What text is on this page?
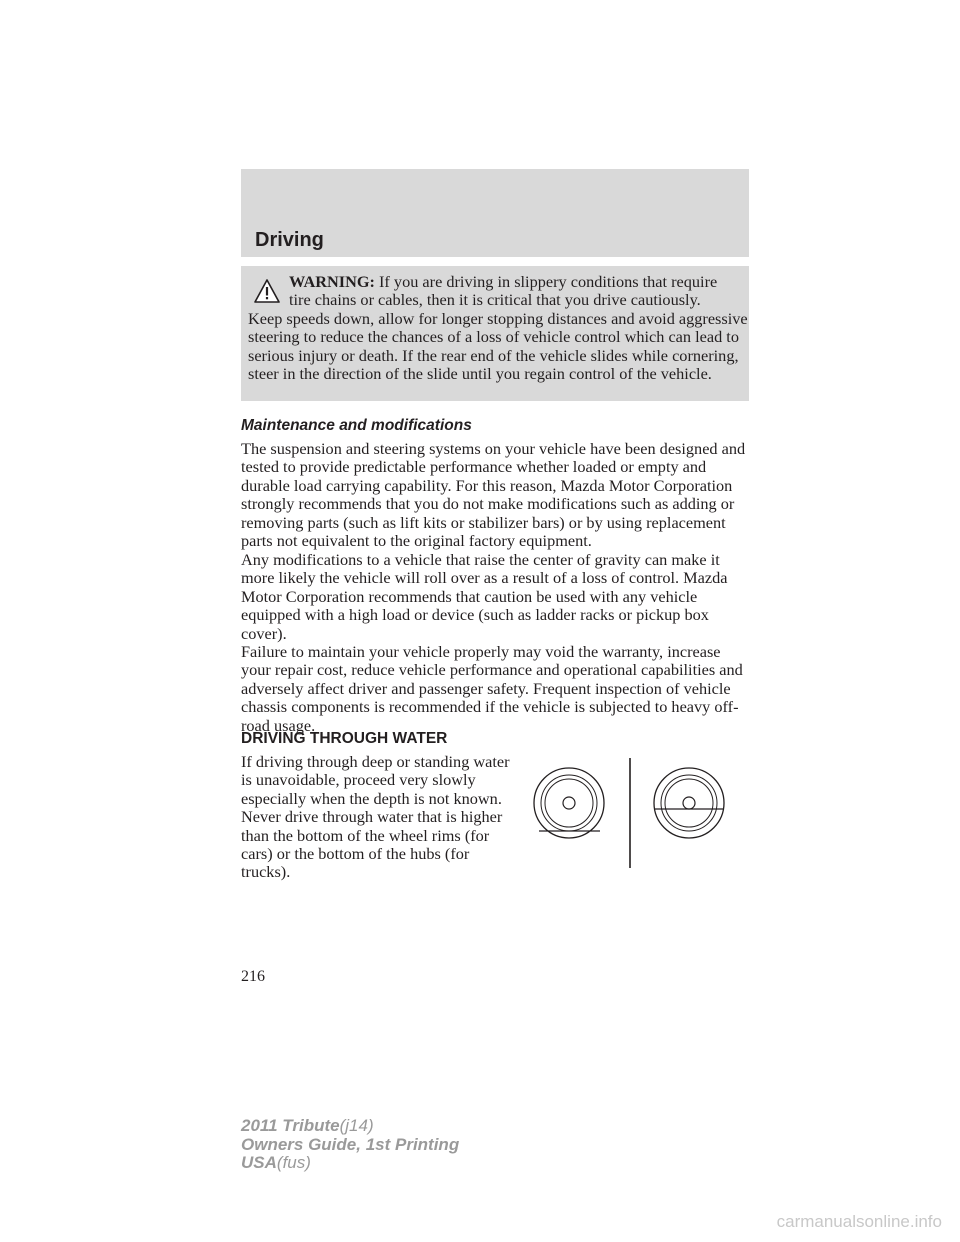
Driving

WARNING: If you are driving in slippery conditions that require
tire chains or cables, then it is critical that you drive cautiously.
Keep speeds down, allow for longer stopping distances and avoid aggressive steering to reduce the chances of a loss of vehicle control which can lead to serious injury or death. If the rear end of the vehicle slides while cornering, steer in the direction of the slide until you regain control of the vehicle.

Maintenance and modifications

The suspension and steering systems on your vehicle have been designed and tested to provide predictable performance whether loaded or empty and durable load carrying capability. For this reason, Mazda Motor Corporation strongly recommends that you do not make modifications such as adding or removing parts (such as lift kits or stabilizer bars) or by using replacement parts not equivalent to the original factory equipment.

Any modifications to a vehicle that raise the center of gravity can make it more likely the vehicle will roll over as a result of a loss of control. Mazda Motor Corporation recommends that caution be used with any vehicle equipped with a high load or device (such as ladder racks or pickup box cover).

Failure to maintain your vehicle properly may void the warranty, increase your repair cost, reduce vehicle performance and operational capabilities and adversely affect driver and passenger safety. Frequent inspection of vehicle chassis components is recommended if the vehicle is subjected to heavy off-road usage.

DRIVING THROUGH WATER

If driving through deep or standing water is unavoidable, proceed very slowly especially when the depth is not known. Never drive through water that is higher than the bottom of the wheel rims (for cars) or the bottom of the hubs (for trucks).

216
2011 Tribute(j14)
Owners Guide, 1st Printing
USA(fus)
carmanualsonline.info
